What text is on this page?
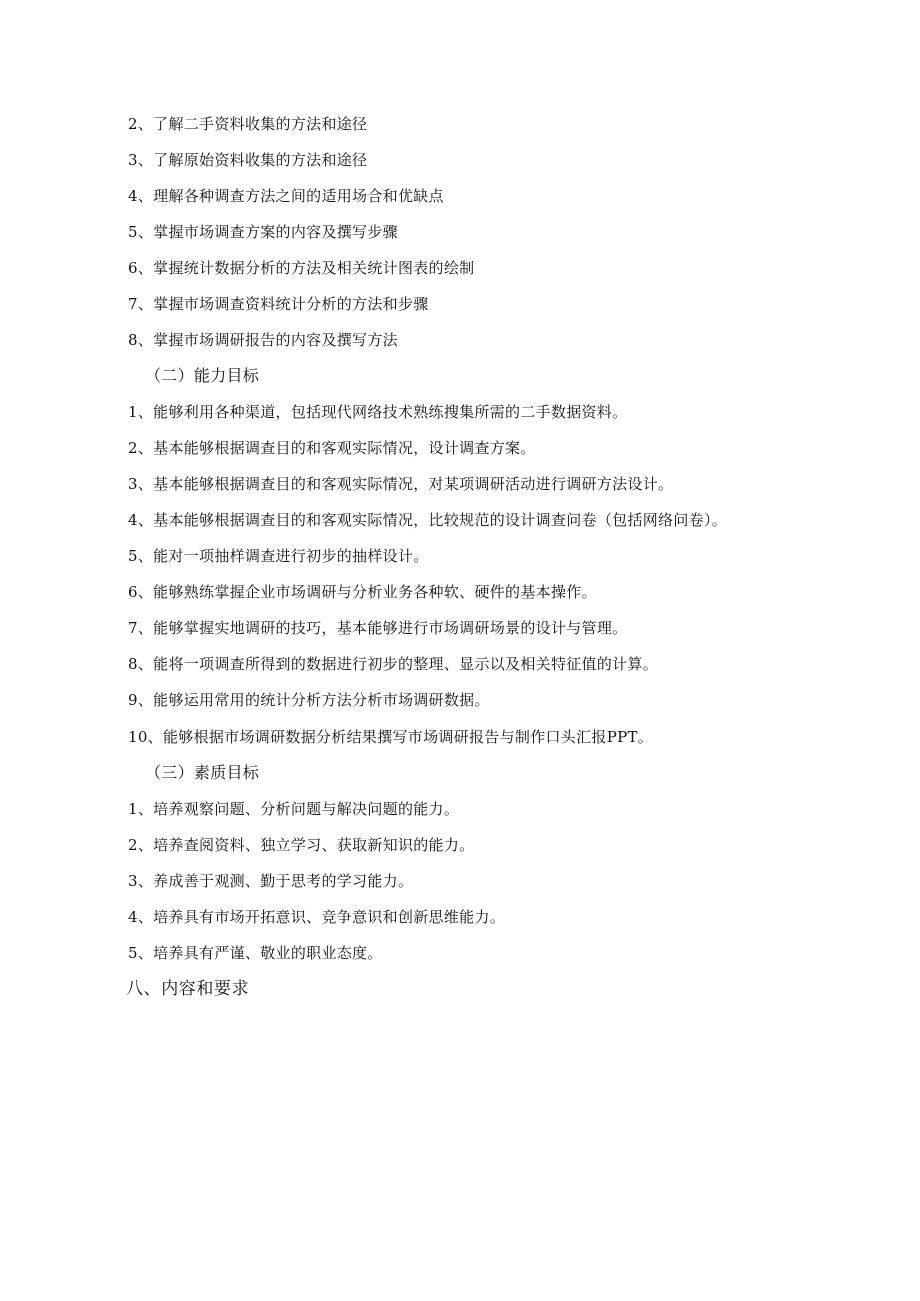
2、了解二手资料收集的方法和途径
3、了解原始资料收集的方法和途径
4、理解各种调查方法之间的适用场合和优缺点
5、掌握市场调查方案的内容及撰写步骤
6、掌握统计数据分析的方法及相关统计图表的绘制
7、掌握市场调查资料统计分析的方法和步骤
8、掌握市场调研报告的内容及撰写方法
（二）能力目标
1、能够利用各种渠道，包括现代网络技术熟练搜集所需的二手数据资料。
2、基本能够根据调查目的和客观实际情况，设计调查方案。
3、基本能够根据调查目的和客观实际情况，对某项调研活动进行调研方法设计。
4、基本能够根据调查目的和客观实际情况，比较规范的设计调查问卷（包括网络问卷）。
5、能对一项抽样调查进行初步的抽样设计。
6、能够熟练掌握企业市场调研与分析业务各种软、硬件的基本操作。
7、能够掌握实地调研的技巧，基本能够进行市场调研场景的设计与管理。
8、能将一项调查所得到的数据进行初步的整理、显示以及相关特征值的计算。
9、能够运用常用的统计分析方法分析市场调研数据。
10、能够根据市场调研数据分析结果撰写市场调研报告与制作口头汇报PPT。
（三）素质目标
1、培养观察问题、分析问题与解决问题的能力。
2、培养查阅资料、独立学习、获取新知识的能力。
3、养成善于观测、勤于思考的学习能力。
4、培养具有市场开拓意识、竞争意识和创新思维能力。
5、培养具有严谨、敬业的职业态度。
八、内容和要求
